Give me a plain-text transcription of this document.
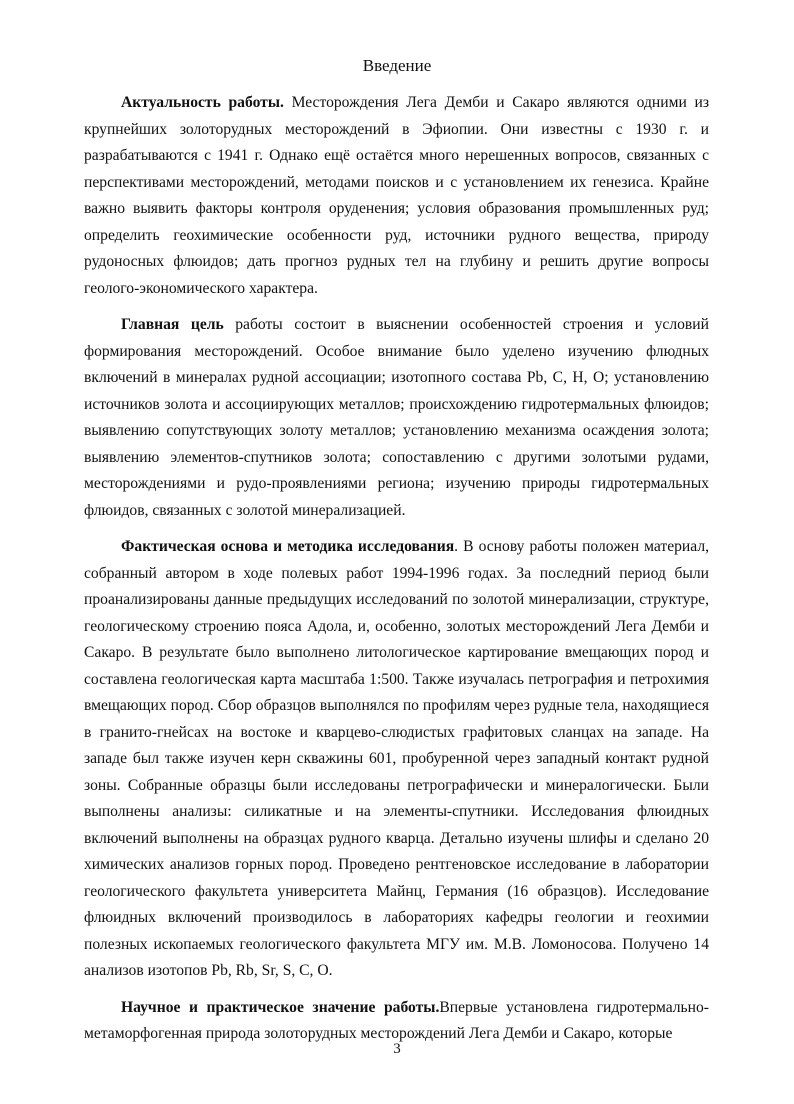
Введение

Актуальность работы. Месторождения Лега Демби и Сакаро являются одними из крупнейших золоторудных месторождений в Эфиопии. Они известны с 1930 г. и разрабатываются с 1941 г. Однако ещё остаётся много нерешенных вопросов, связанных с перспективами месторождений, методами поисков и с установлением их генезиса. Крайне важно выявить факторы контроля оруденения; условия образования промышленных руд; определить геохимические особенности руд, источники рудного вещества, природу рудоносных флюидов; дать прогноз рудных тел на глубину и решить другие вопросы геолого-экономического характера.

Главная цель работы состоит в выяснении особенностей строения и условий формирования месторождений. Особое внимание было уделено изучению флюдных включений в минералах рудной ассоциации; изотопного состава Pb, C, H, O; установлению источников золота и ассоциирующих металлов; происхождению гидротермальных флюидов; выявлению сопутствующих золоту металлов; установлению механизма осаждения золота; выявлению элементов-спутников золота; сопоставлению с другими золотыми рудами, месторождениями и рудо-проявлениями региона; изучению природы гидротермальных флюидов, связанных с золотой минерализацией.

Фактическая основа и методика исследования. В основу работы положен материал, собранный автором в ходе полевых работ 1994-1996 годах. За последний период были проанализированы данные предыдущих исследований по золотой минерализации, структуре, геологическому строению пояса Адола, и, особенно, золотых месторождений Лега Демби и Сакаро. В результате было выполнено литологическое картирование вмещающих пород и составлена геологическая карта масштаба 1:500. Также изучалась петрография и петрохимия вмещающих пород. Сбор образцов выполнялся по профилям через рудные тела, находящиеся в гранито-гнейсах на востоке и кварцево-слюдистых графитовых сланцах на западе. На западе был также изучен керн скважины 601, пробуренной через западный контакт рудной зоны. Собранные образцы были исследованы петрографически и минералогически. Были выполнены анализы: силикатные и на элементы-спутники. Исследования флюидных включений выполнены на образцах рудного кварца. Детально изучены шлифы и сделано 20 химических анализов горных пород. Проведено рентгеновское исследование в лаборатории геологического факультета университета Майнц, Германия (16 образцов). Исследование флюидных включений производилось в лабораториях кафедры геологии и геохимии полезных ископаемых геологического факультета МГУ им. М.В. Ломоносова. Получено 14 анализов изотопов Pb, Rb, Sr, S, C, O.

Научное и практическое значение работы.Впервые установлена гидротермально-метаморфогенная природа золоторудных месторождений Лега Демби и Сакаро, которые

3
